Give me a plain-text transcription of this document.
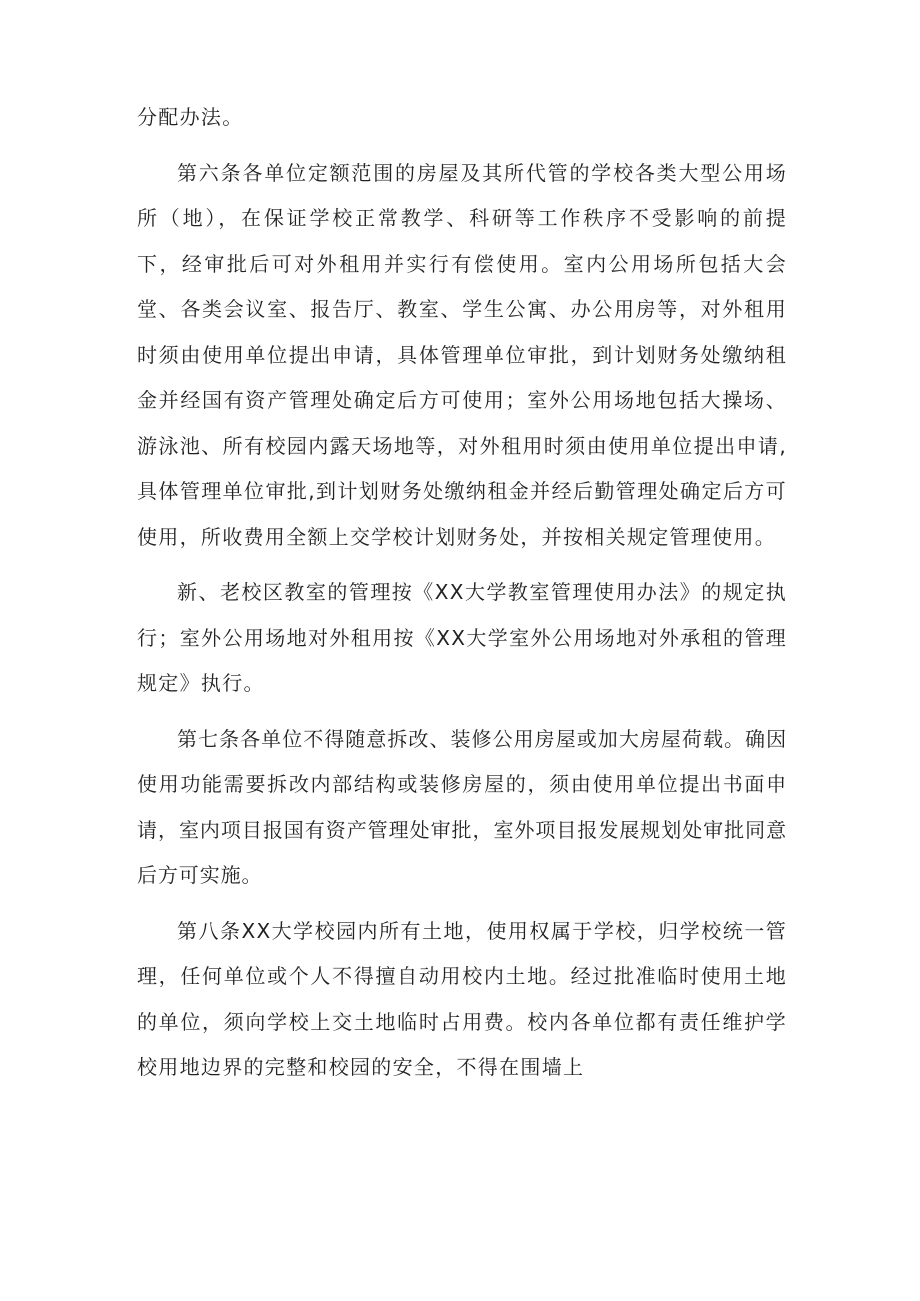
分配办法。

第六条各单位定额范围的房屋及其所代管的学校各类大型公用场所（地），在保证学校正常教学、科研等工作秩序不受影响的前提下，经审批后可对外租用并实行有偿使用。室内公用场所包括大会堂、各类会议室、报告厅、教室、学生公寓、办公用房等，对外租用时须由使用单位提出申请，具体管理单位审批，到计划财务处缴纳租金并经国有资产管理处确定后方可使用；室外公用场地包括大操场、游泳池、所有校园内露天场地等，对外租用时须由使用单位提出申请,具体管理单位审批,到计划财务处缴纳租金并经后勤管理处确定后方可使用，所收费用全额上交学校计划财务处，并按相关规定管理使用。

新、老校区教室的管理按《XX大学教室管理使用办法》的规定执行；室外公用场地对外租用按《XX大学室外公用场地对外承租的管理规定》执行。

第七条各单位不得随意拆改、装修公用房屋或加大房屋荷载。确因使用功能需要拆改内部结构或装修房屋的，须由使用单位提出书面申请，室内项目报国有资产管理处审批，室外项目报发展规划处审批同意后方可实施。

第八条XX大学校园内所有土地，使用权属于学校，归学校统一管理，任何单位或个人不得擅自动用校内土地。经过批准临时使用土地的单位，须向学校上交土地临时占用费。校内各单位都有责任维护学校用地边界的完整和校园的安全，不得在围墙上
